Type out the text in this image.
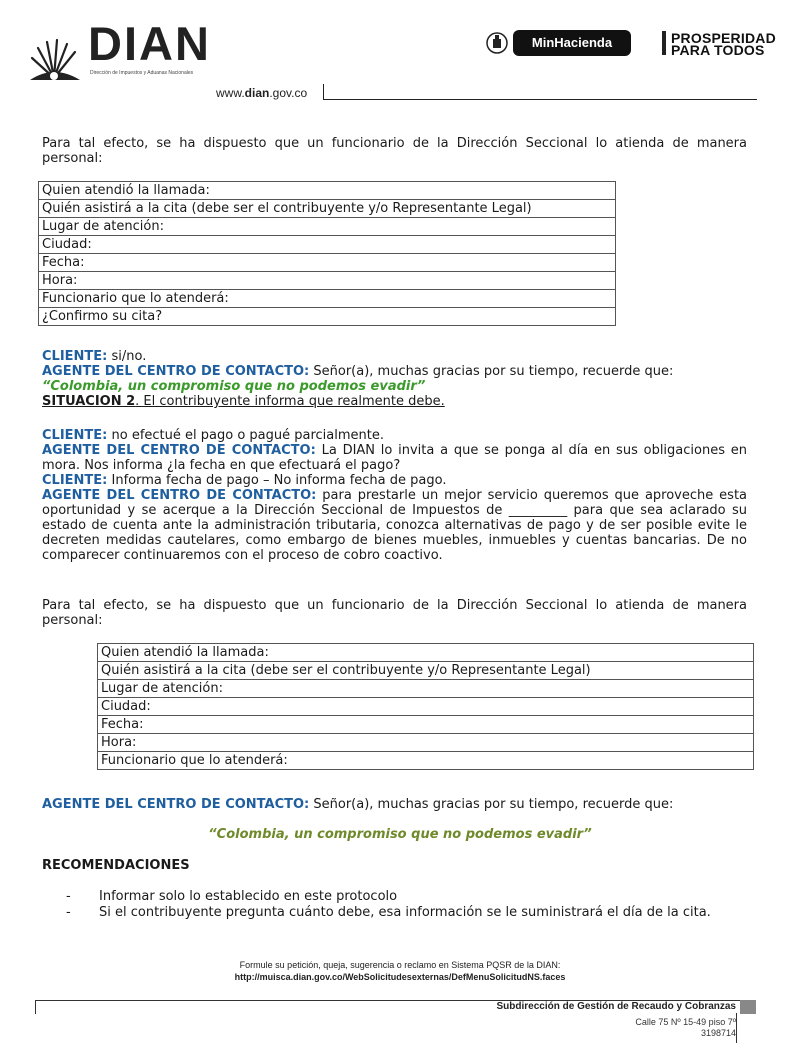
DIAN
Dirección de Impuestos y Aduanas Nacionales
www.dian.gov.co
MinHacienda	PROSPERIDAD
PARA TODOS

Para tal efecto, se ha dispuesto que un funcionario de la Dirección Seccional lo atienda de manera personal:

Quien atendió la llamada:
Quién asistirá a la cita (debe ser el contribuyente y/o Representante Legal)
Lugar de atención:
Ciudad:
Fecha:
Hora:
Funcionario que lo atenderá:
¿Confirmo su cita?
CLIENTE: si/no.
AGENTE DEL CENTRO DE CONTACTO: Señor(a), muchas gracias por su tiempo, recuerde que:
“Colombia, un compromiso que no podemos evadir”
SITUACION 2. El contribuyente informa que realmente debe.
CLIENTE: no efectué el pago o pagué parcialmente.
AGENTE DEL CENTRO DE CONTACTO: La DIAN lo invita a que se ponga al día en sus obligaciones en mora. Nos informa ¿la fecha en que efectuará el pago?
CLIENTE: Informa fecha de pago – No informa fecha de pago.
AGENTE DEL CENTRO DE CONTACTO: para prestarle un mejor servicio queremos que aproveche esta oportunidad y se acerque a la Dirección Seccional de Impuestos de _________ para que sea aclarado su estado de cuenta ante la administración tributaria, conozca alternativas de pago y de ser posible evite le decreten medidas cautelares, como embargo de bienes muebles, inmuebles y cuentas bancarias. De no comparecer continuaremos con el proceso de cobro coactivo.

Para tal efecto, se ha dispuesto que un funcionario de la Dirección Seccional lo atienda de manera personal:

Quien atendió la llamada:
Quién asistirá a la cita (debe ser el contribuyente y/o Representante Legal)
Lugar de atención:
Ciudad:
Fecha:
Hora:
Funcionario que lo atenderá:
AGENTE DEL CENTRO DE CONTACTO: Señor(a), muchas gracias por su tiempo, recuerde que:
“Colombia, un compromiso que no podemos evadir”
RECOMENDACIONES
- Informar solo lo establecido en este protocolo
- Si el contribuyente pregunta cuánto debe, esa información se le suministrará el día de la cita.
Formule su petición, queja, sugerencia o reclamo en Sistema PQSR de la DIAN:
http://muisca.dian.gov.co/WebSolicitudesexternas/DefMenuSolicitudNS.faces
Subdirección de Gestión de Recaudo y Cobranzas
Calle 75 Nº 15-49 piso 7º
3198714
